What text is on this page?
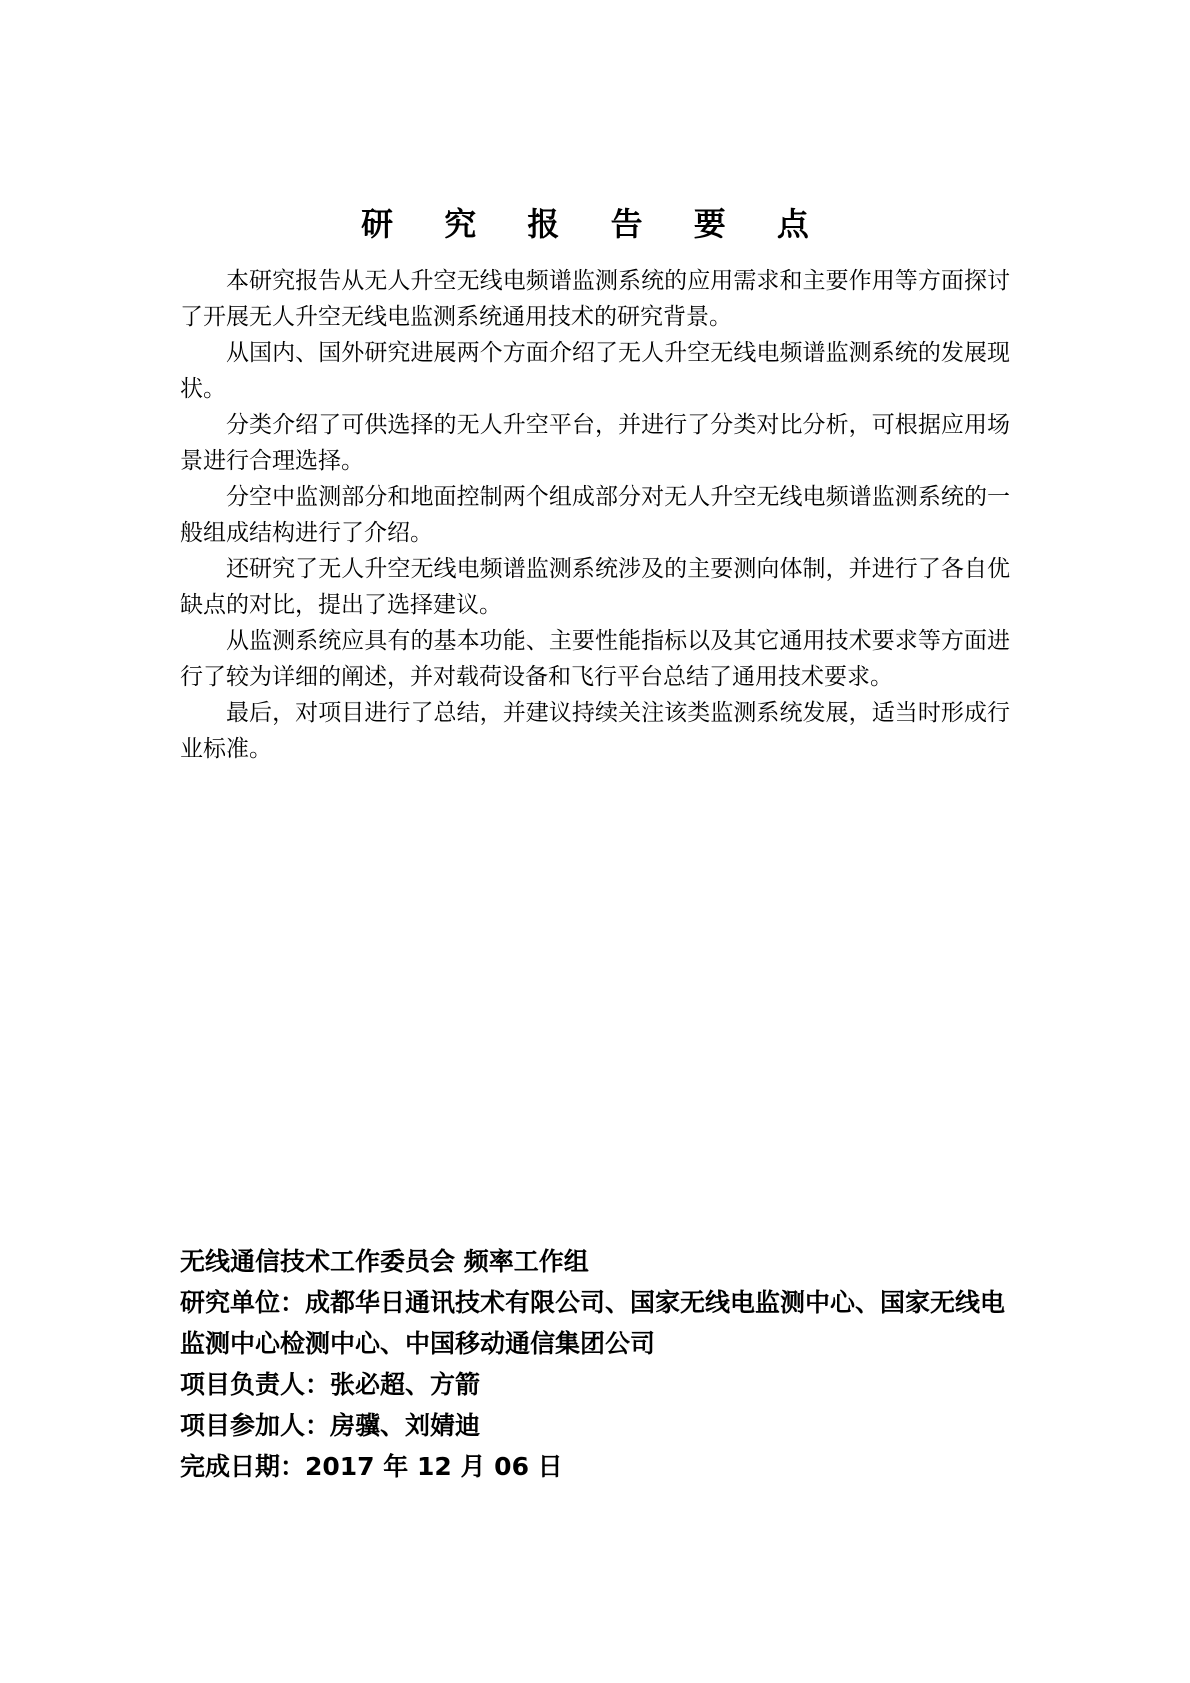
研 究 报 告 要 点

本研究报告从无人升空无线电频谱监测系统的应用需求和主要作用等方面探讨了开展无人升空无线电监测系统通用技术的研究背景。

从国内、国外研究进展两个方面介绍了无人升空无线电频谱监测系统的发展现状。

分类介绍了可供选择的无人升空平台，并进行了分类对比分析，可根据应用场景进行合理选择。

分空中监测部分和地面控制两个组成部分对无人升空无线电频谱监测系统的一般组成结构进行了介绍。

还研究了无人升空无线电频谱监测系统涉及的主要测向体制，并进行了各自优缺点的对比，提出了选择建议。

从监测系统应具有的基本功能、主要性能指标以及其它通用技术要求等方面进行了较为详细的阐述，并对载荷设备和飞行平台总结了通用技术要求。

最后，对项目进行了总结，并建议持续关注该类监测系统发展，适当时形成行业标准。

无线通信技术工作委员会 频率工作组

研究单位：成都华日通讯技术有限公司、国家无线电监测中心、国家无线电监测中心检测中心、中国移动通信集团公司

项目负责人：张必超、方箭

项目参加人：房骥、刘婧迪

完成日期：2017 年 12 月 06 日
